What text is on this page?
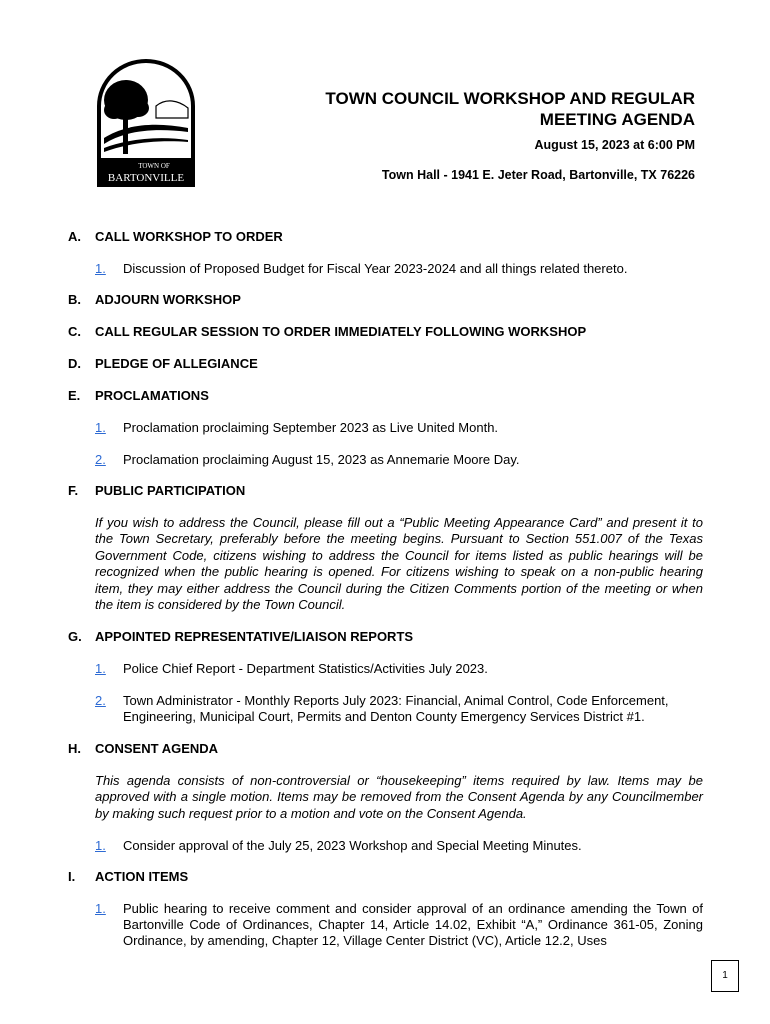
TOWN OF
BARTONVILLE
TOWN COUNCIL WORKSHOP AND REGULAR
MEETING AGENDA
August 15, 2023 at 6:00 PM
Town Hall - 1941 E. Jeter Road, Bartonville, TX 76226
A. CALL WORKSHOP TO ORDER
1. Discussion of Proposed Budget for Fiscal Year 2023-2024 and all things related thereto.
B. ADJOURN WORKSHOP
C. CALL REGULAR SESSION TO ORDER IMMEDIATELY FOLLOWING WORKSHOP
D. PLEDGE OF ALLEGIANCE
E. PROCLAMATIONS
1. Proclamation proclaiming September 2023 as Live United Month.
2. Proclamation proclaiming August 15, 2023 as Annemarie Moore Day.
F. PUBLIC PARTICIPATION
If you wish to address the Council, please fill out a “Public Meeting Appearance Card” and present it to the Town Secretary, preferably before the meeting begins. Pursuant to Section 551.007 of the Texas Government Code, citizens wishing to address the Council for items listed as public hearings will be recognized when the public hearing is opened. For citizens wishing to speak on a non-public hearing item, they may either address the Council during the Citizen Comments portion of the meeting or when the item is considered by the Town Council.
G. APPOINTED REPRESENTATIVE/LIAISON REPORTS
1. Police Chief Report - Department Statistics/Activities July 2023.
2. Town Administrator - Monthly Reports July 2023: Financial, Animal Control, Code Enforcement, Engineering, Municipal Court, Permits and Denton County Emergency Services District #1.
H. CONSENT AGENDA
This agenda consists of non-controversial or “housekeeping” items required by law. Items may be approved with a single motion. Items may be removed from the Consent Agenda by any Councilmember by making such request prior to a motion and vote on the Consent Agenda.
1. Consider approval of the July 25, 2023 Workshop and Special Meeting Minutes.
I. ACTION ITEMS
1. Public hearing to receive comment and consider approval of an ordinance amending the Town of Bartonville Code of Ordinances, Chapter 14, Article 14.02, Exhibit “A,” Ordinance 361-05, Zoning Ordinance, by amending, Chapter 12, Village Center District (VC), Article 12.2, Uses
1
